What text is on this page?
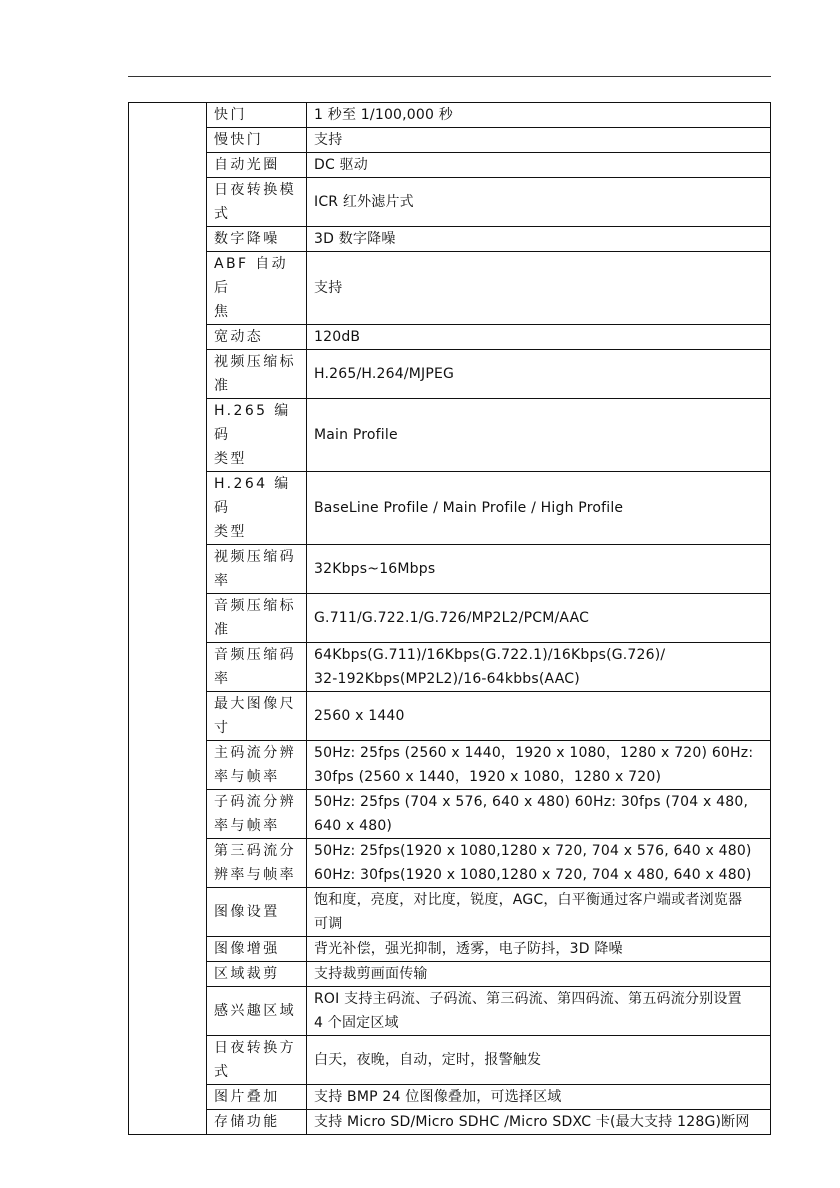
	快门	1 秒至 1/100,000 秒

	慢快门	支持

	自动光圈	DC 驱动

	日夜转换模
式	ICR 红外滤片式

	数字降噪	3D 数字降噪

	ABF 自动后
焦	支持

	宽动态	120dB

	视频压缩标
准	H.265/H.264/MJPEG

	H.265 编码
类型	Main Profile

	H.264 编码
类型	BaseLine Profile / Main Profile / High Profile

	视频压缩码
率	32Kbps~16Mbps

	音频压缩标
准	G.711/G.722.1/G.726/MP2L2/PCM/AAC

	音频压缩码
率	64Kbps(G.711)/16Kbps(G.722.1)/16Kbps(G.726)/
32-192Kbps(MP2L2)/16-64kbbs(AAC)

	最大图像尺
寸	2560 x 1440

	主码流分辨
率与帧率	50Hz: 25fps (2560 x 1440，1920 x 1080，1280 x 720) 60Hz:
30fps (2560 x 1440，1920 x 1080，1280 x 720)

	子码流分辨
率与帧率	50Hz: 25fps (704 x 576, 640 x 480) 60Hz: 30fps (704 x 480,
640 x 480)

	第三码流分
辨率与帧率	50Hz: 25fps(1920 x 1080,1280 x 720, 704 x 576, 640 x 480)
60Hz: 30fps(1920 x 1080,1280 x 720, 704 x 480, 640 x 480)

	图像设置	饱和度，亮度，对比度，锐度，AGC，白平衡通过客户端或者浏览器
可调

	图像增强	背光补偿，强光抑制，透雾，电子防抖，3D 降噪

	区域裁剪	支持裁剪画面传输

	感兴趣区域	ROI 支持主码流、子码流、第三码流、第四码流、第五码流分别设置
4 个固定区域

	日夜转换方
式	白天，夜晚，自动，定时，报警触发

	图片叠加	支持 BMP 24 位图像叠加，可选择区域

	存储功能	支持 Micro SD/Micro SDHC /Micro SDXC 卡(最大支持 128G)断网
